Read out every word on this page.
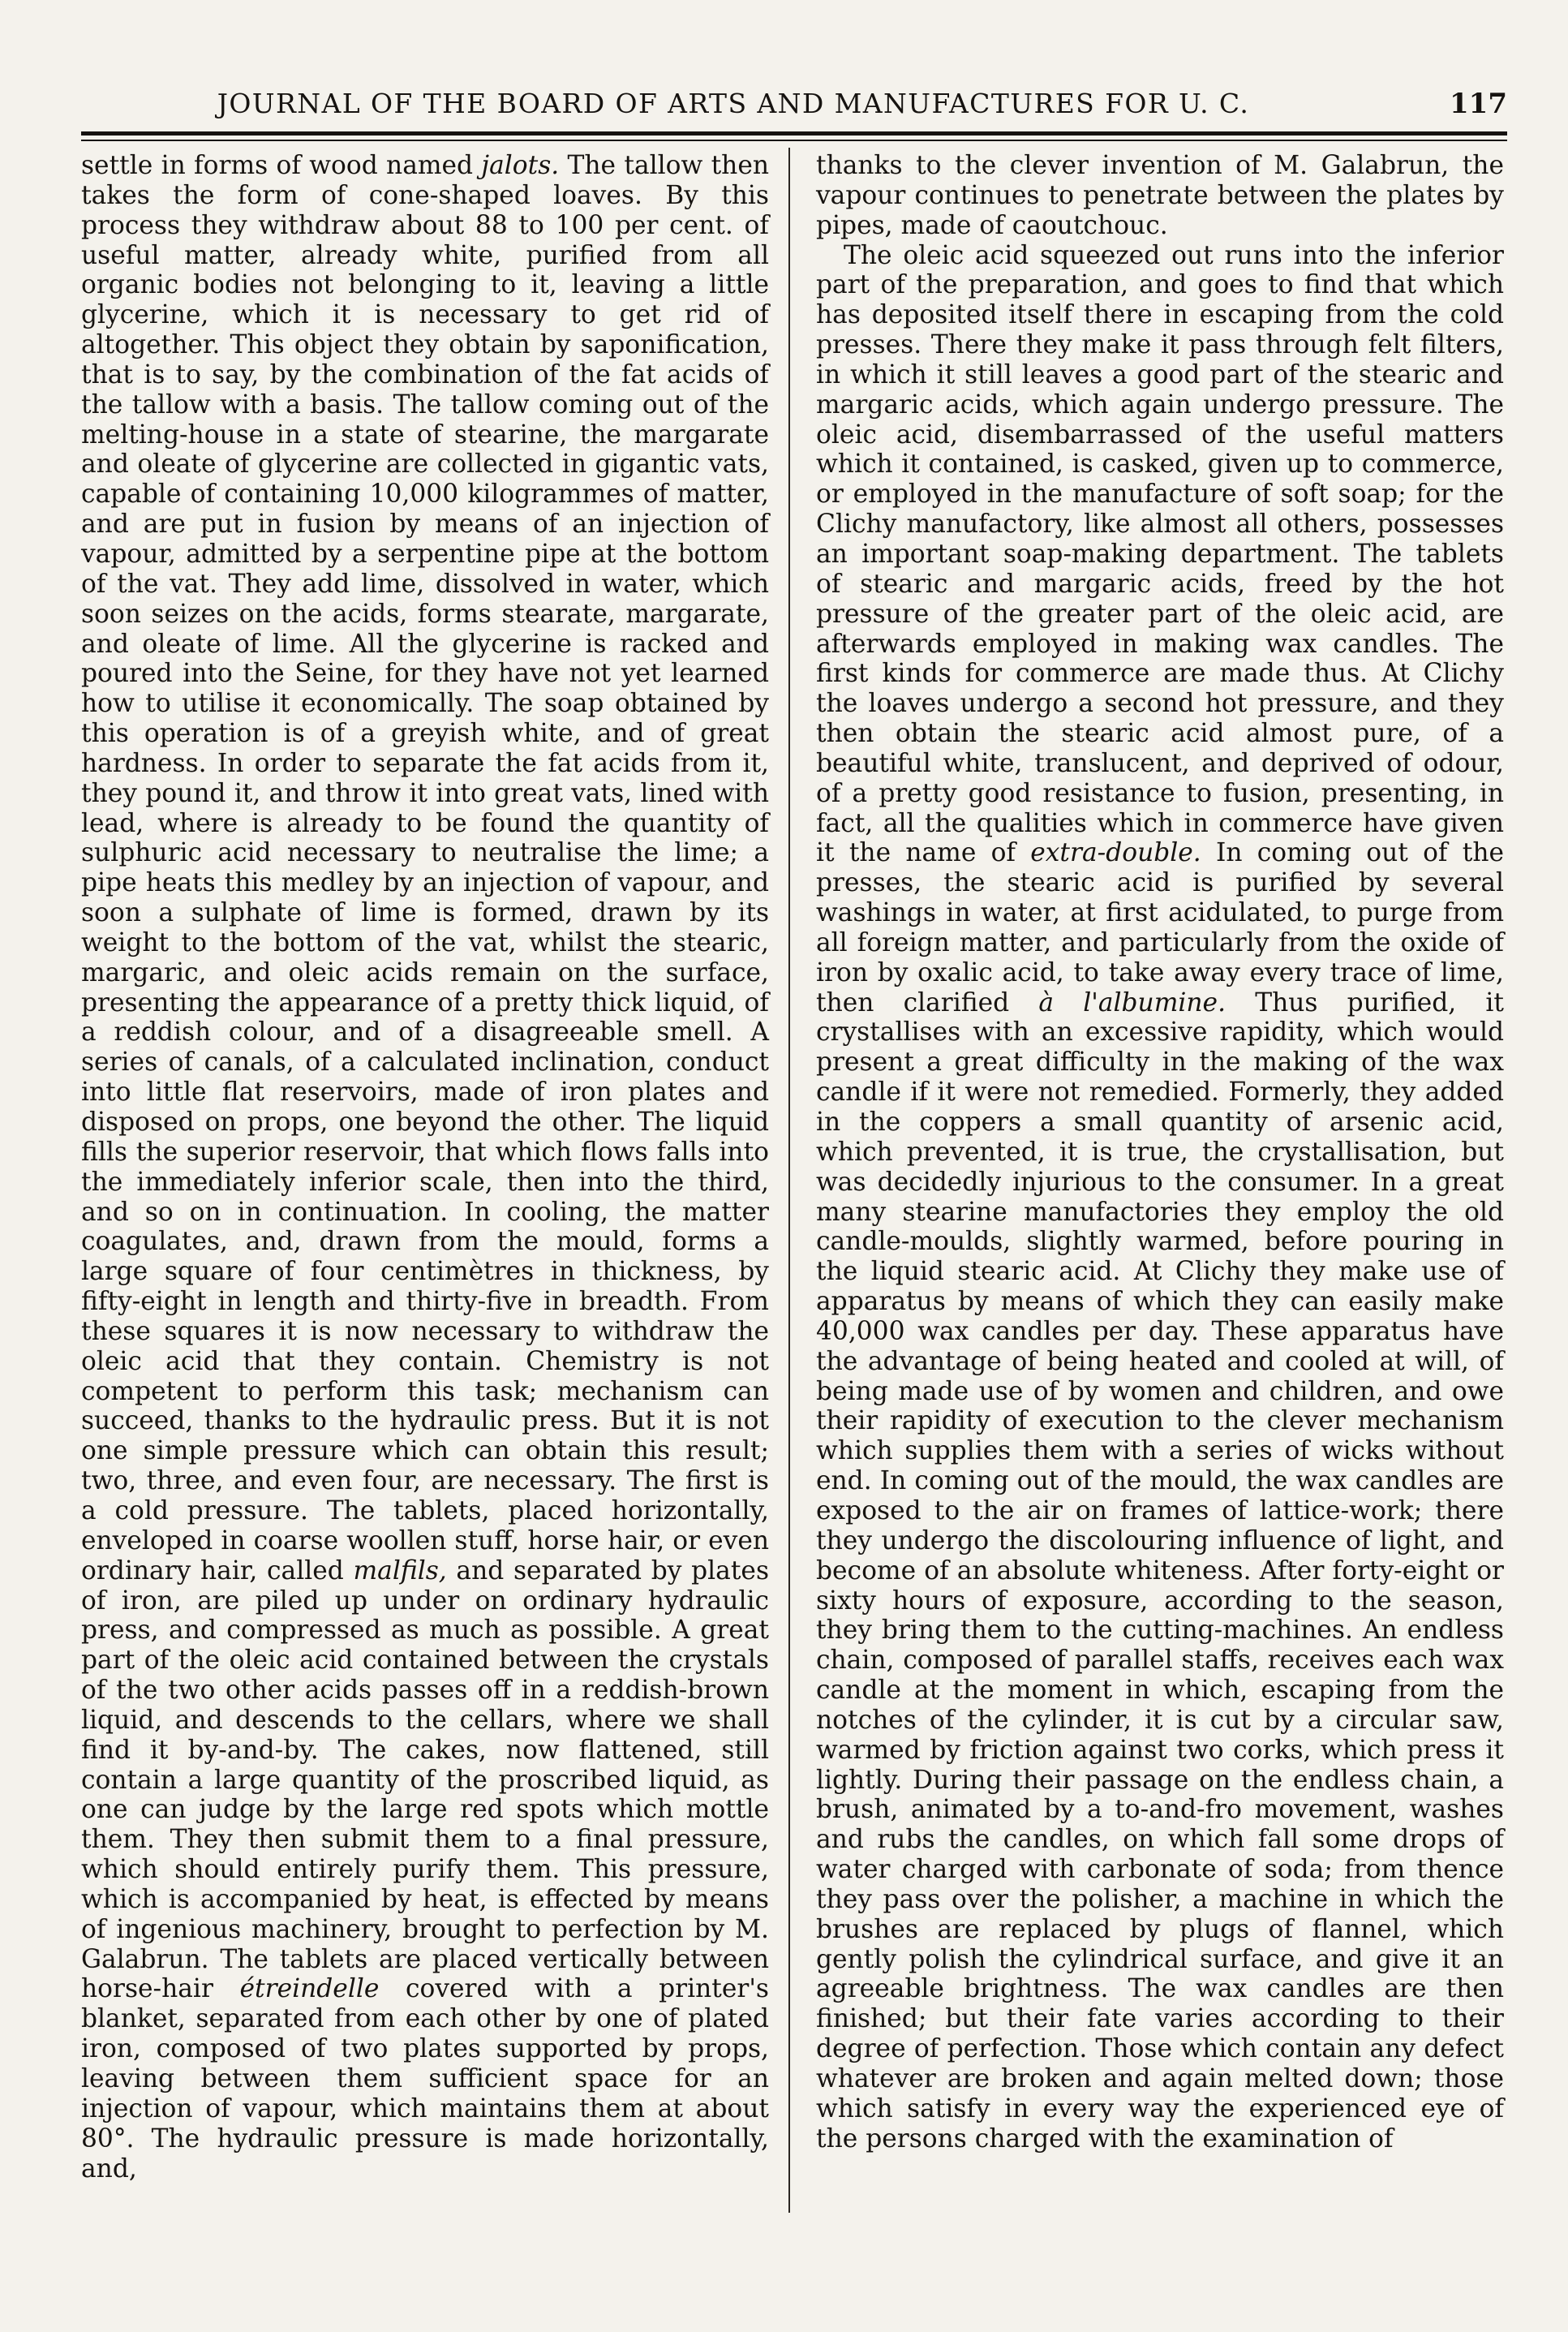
JOURNAL OF THE BOARD OF ARTS AND MANUFACTURES FOR U. C.	117

settle in forms of wood named jalots. The tallow then takes the form of cone-shaped loaves. By this process they withdraw about 88 to 100 per cent. of useful matter, already white, purified from all organic bodies not belonging to it, leaving a little glycerine, which it is necessary to get rid of altogether. This object they obtain by saponification, that is to say, by the combination of the fat acids of the tallow with a basis. The tallow coming out of the melting-house in a state of stearine, the margarate and oleate of glycerine are collected in gigantic vats, capable of containing 10,000 kilogrammes of matter, and are put in fusion by means of an injection of vapour, admitted by a serpentine pipe at the bottom of the vat. They add lime, dissolved in water, which soon seizes on the acids, forms stearate, margarate, and oleate of lime. All the glycerine is racked and poured into the Seine, for they have not yet learned how to utilise it economically. The soap obtained by this operation is of a greyish white, and of great hardness. In order to separate the fat acids from it, they pound it, and throw it into great vats, lined with lead, where is already to be found the quantity of sulphuric acid necessary to neutralise the lime; a pipe heats this medley by an injection of vapour, and soon a sulphate of lime is formed, drawn by its weight to the bottom of the vat, whilst the stearic, margaric, and oleic acids remain on the surface, presenting the appearance of a pretty thick liquid, of a reddish colour, and of a disagreeable smell. A series of canals, of a calculated inclination, conduct into little flat reservoirs, made of iron plates and disposed on props, one beyond the other. The liquid fills the superior reservoir, that which flows falls into the immediately inferior scale, then into the third, and so on in continuation. In cooling, the matter coagulates, and, drawn from the mould, forms a large square of four centimètres in thickness, by fifty-eight in length and thirty-five in breadth. From these squares it is now necessary to withdraw the oleic acid that they contain. Chemistry is not competent to perform this task; mechanism can succeed, thanks to the hydraulic press. But it is not one simple pressure which can obtain this result; two, three, and even four, are necessary. The first is a cold pressure. The tablets, placed horizontally, enveloped in coarse woollen stuff, horse hair, or even ordinary hair, called malfils, and separated by plates of iron, are piled up under on ordinary hydraulic press, and compressed as much as possible. A great part of the oleic acid contained between the crystals of the two other acids passes off in a reddish-brown liquid, and descends to the cellars, where we shall find it by-and-by. The cakes, now flattened, still contain a large quantity of the proscribed liquid, as one can judge by the large red spots which mottle them. They then submit them to a final pressure, which should entirely purify them. This pressure, which is accompanied by heat, is effected by means of ingenious machinery, brought to perfection by M. Galabrun. The tablets are placed vertically between horse-hair étreindelle covered with a printer's blanket, separated from each other by one of plated iron, composed of two plates supported by props, leaving between them sufficient space for an injection of vapour, which maintains them at about 80°. The hydraulic pressure is made horizontally, and,

thanks to the clever invention of M. Galabrun, the vapour continues to penetrate between the plates by pipes, made of caoutchouc.

The oleic acid squeezed out runs into the inferior part of the preparation, and goes to find that which has deposited itself there in escaping from the cold presses. There they make it pass through felt filters, in which it still leaves a good part of the stearic and margaric acids, which again undergo pressure. The oleic acid, disembarrassed of the useful matters which it contained, is casked, given up to commerce, or employed in the manufacture of soft soap; for the Clichy manufactory, like almost all others, possesses an important soap-making department. The tablets of stearic and margaric acids, freed by the hot pressure of the greater part of the oleic acid, are afterwards employed in making wax candles. The first kinds for commerce are made thus. At Clichy the loaves undergo a second hot pressure, and they then obtain the stearic acid almost pure, of a beautiful white, translucent, and deprived of odour, of a pretty good resistance to fusion, presenting, in fact, all the qualities which in commerce have given it the name of extra-double. In coming out of the presses, the stearic acid is purified by several washings in water, at first acidulated, to purge from all foreign matter, and particularly from the oxide of iron by oxalic acid, to take away every trace of lime, then clarified à l'albumine. Thus purified, it crystallises with an excessive rapidity, which would present a great difficulty in the making of the wax candle if it were not remedied. Formerly, they added in the coppers a small quantity of arsenic acid, which prevented, it is true, the crystallisation, but was decidedly injurious to the consumer. In a great many stearine manufactories they employ the old candle-moulds, slightly warmed, before pouring in the liquid stearic acid. At Clichy they make use of apparatus by means of which they can easily make 40,000 wax candles per day. These apparatus have the advantage of being heated and cooled at will, of being made use of by women and children, and owe their rapidity of execution to the clever mechanism which supplies them with a series of wicks without end. In coming out of the mould, the wax candles are exposed to the air on frames of lattice-work; there they undergo the discolouring influence of light, and become of an absolute whiteness. After forty-eight or sixty hours of exposure, according to the season, they bring them to the cutting-machines. An endless chain, composed of parallel staffs, receives each wax candle at the moment in which, escaping from the notches of the cylinder, it is cut by a circular saw, warmed by friction against two corks, which press it lightly. During their passage on the endless chain, a brush, animated by a to-and-fro movement, washes and rubs the candles, on which fall some drops of water charged with carbonate of soda; from thence they pass over the polisher, a machine in which the brushes are replaced by plugs of flannel, which gently polish the cylindrical surface, and give it an agreeable brightness. The wax candles are then finished; but their fate varies according to their degree of perfection. Those which contain any defect whatever are broken and again melted down; those which satisfy in every way the experienced eye of the persons charged with the examination of
